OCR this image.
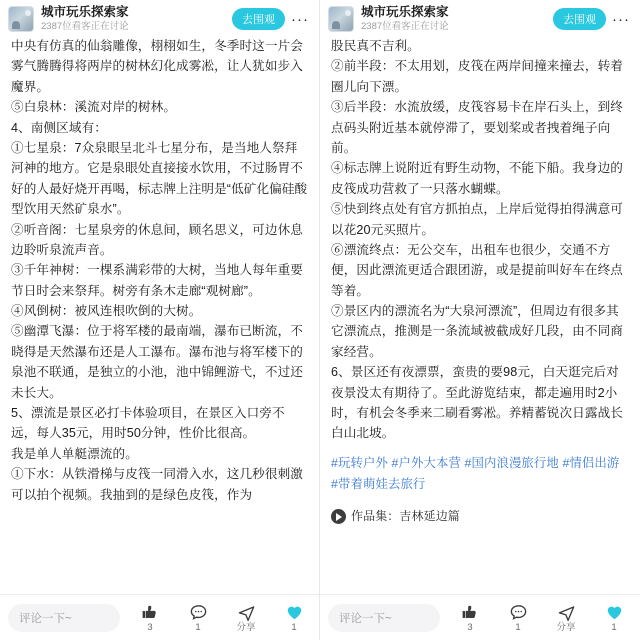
城市玩乐探索家
2387位看客正在讨论
去围观	···

中央有仿真的仙翁雕像，栩栩如生，冬季时这一片会雾气腾腾得将两岸的树林幻化成雾凇，让人犹如步入魔界。

⑤白泉林：溪流对岸的树林。

4、南侧区域有：

①七星泉：7众泉眼呈北斗七星分布，是当地人祭拜河神的地方。它是泉眼处直接接水饮用，不过肠胃不好的人最好烧开再喝，标志牌上注明是“低矿化偏硅酸型饮用天然矿泉水”。

②听音阁：七星泉旁的休息间，顾名思义，可边休息边聆听泉流声音。

③千年神树：一棵系满彩带的大树，当地人每年重要节日时会来祭拜。树旁有条木走廊“观树廊”。

④风倒树：被风连根吹倒的大树。

⑤幽潭飞瀑：位于将军楼的最南端，瀑布已断流，不晓得是天然瀑布还是人工瀑布。瀑布池与将军楼下的泉池不联通，是独立的小池，池中锦鲤游弋，不过还未长大。

5、漂流是景区必打卡体验项目，在景区入口旁不远，每人35元，用时50分钟，性价比很高。

我是单人单艇漂流的。

①下水：从铁滑梯与皮筏一同滑入水，这几秒很刺激可以拍个视频。我抽到的是绿色皮筏，作为

评论一下~
3	1	分享	1
城市玩乐探索家
2387位看客正在讨论
去围观	···

股民真不吉利。

②前半段：不太用划，皮筏在两岸间撞来撞去，转着圈儿向下漂。

③后半段：水流放缓，皮筏容易卡在岸石头上，到终点码头附近基本就停滞了，要划桨或者拽着绳子向前。

④标志牌上说附近有野生动物，不能下船。我身边的皮筏成功营救了一只落水蝴蝶。

⑤快到终点处有官方抓拍点，上岸后觉得拍得满意可以花20元买照片。

⑥漂流终点：无公交车，出租车也很少，交通不方便，因此漂流更适合跟团游，或是提前叫好车在终点等着。

⑦景区内的漂流名为“大泉河漂流”，但周边有很多其它漂流点，推测是一条流域被截成好几段，由不同商家经营。

6、景区还有夜漂票，蛮贵的要98元，白天逛完后对夜景没太有期待了。至此游览结束，都走遍用时2小时，有机会冬季来二刷看雾凇。养精蓄锐次日露战长白山北坡。

#玩转户外 #户外大本营 #国内浪漫旅行地 #情侣出游 #带着萌娃去旅行
作品集：吉林延边篇
评论一下~
3	1	分享	1
